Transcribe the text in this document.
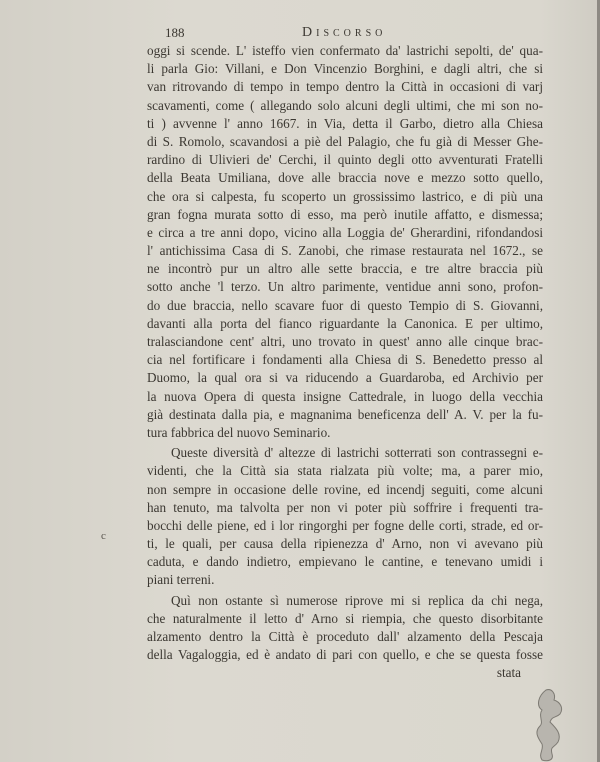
188	Discorso
oggi si scende. L' isteffo vien confermato da' lastrichi sepolti, de' qua-
li parla Gio: Villani, e Don Vincenzio Borghini, e dagli altri, che si
van ritrovando di tempo in tempo dentro la Città in occasioni di varj
scavamenti, come ( allegando solo alcuni degli ultimi, che mi son no-
ti ) avvenne l' anno 1667. in Via, detta il Garbo, dietro alla Chiesa
di S. Romolo, scavandosi a piè del Palagio, che fu già di Messer Ghe-
rardino di Ulivieri de' Cerchi, il quinto degli otto avventurati Fratelli
della Beata Umiliana, dove alle braccia nove e mezzo sotto quello,
che ora si calpesta, fu scoperto un grossissimo lastrico, e di più una
gran fogna murata sotto di esso, ma però inutile affatto, e dismessa;
e circa a tre anni dopo, vicino alla Loggia de' Gherardini, rifondandosi
l' antichissima Casa di S. Zanobi, che rimase restaurata nel 1672., se
ne incontrò pur un altro alle sette braccia, e tre altre braccia più
sotto anche 'l terzo. Un altro parimente, ventidue anni sono, profon-
do due braccia, nello scavare fuor di questo Tempio di S. Giovanni,
davanti alla porta del fianco riguardante la Canonica. E per ultimo,
tralasciandone cent' altri, uno trovato in quest' anno alle cinque brac-
cia nel fortificare i fondamenti alla Chiesa di S. Benedetto presso al
Duomo, la qual ora si va riducendo a Guardaroba, ed Archivio per
la nuova Opera di questa insigne Cattedrale, in luogo della vecchia
già destinata dalla pia, e magnanima beneficenza dell' A. V. per la fu-
tura fabbrica del nuovo Seminario.
Queste diversità d' altezze di lastrichi sotterrati son contrassegni e-
videnti, che la Città sia stata rialzata più volte; ma, a parer mio,
non sempre in occasione delle rovine, ed incendj seguiti, come alcuni
han tenuto, ma talvolta per non vi poter più soffrire i frequenti tra-
bocchi delle piene, ed i lor ringorghi per fogne delle corti, strade, ed or-
ti, le quali, per causa della ripienezza d' Arno, non vi avevano più
caduta, e dando indietro, empievano le cantine, e tenevano umidi i
piani terreni.
Quì non ostante sì numerose riprove mi si replica da chi nega,
che naturalmente il letto d' Arno si riempia, che questo disorbitante
alzamento dentro la Città è proceduto dall' alzamento della Pescaja
della Vagaloggia, ed è andato di pari con quello, e che se questa fosse
stata
c
